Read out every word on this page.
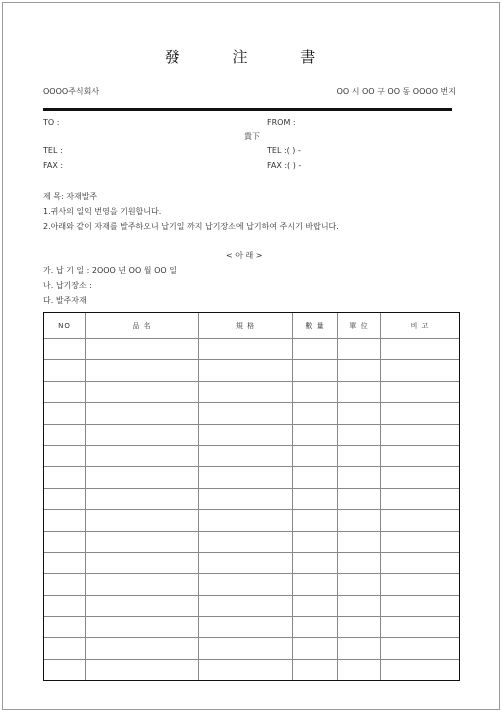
發 注 書
OOOO주식회사	OO 시 OO 구 OO 동 OOOO 번지
TO :	FROM :
貴下
TEL :	TEL :( ) -
FAX :	FAX :( ) -
제 목: 자재발주
1.귀사의 일익 번영을 기원합니다.
2.아래와 같이 자재를 발주하오니 납기일 까지 납기장소에 납기하여 주시기 바랍니다.
< 아 래 >
가. 납 기 일 : 2OOO 년 OO 월 OO 일
나. 납기장소 :
다. 발주자재
NO	品 名	規 格	數 量	單 位	비 고
